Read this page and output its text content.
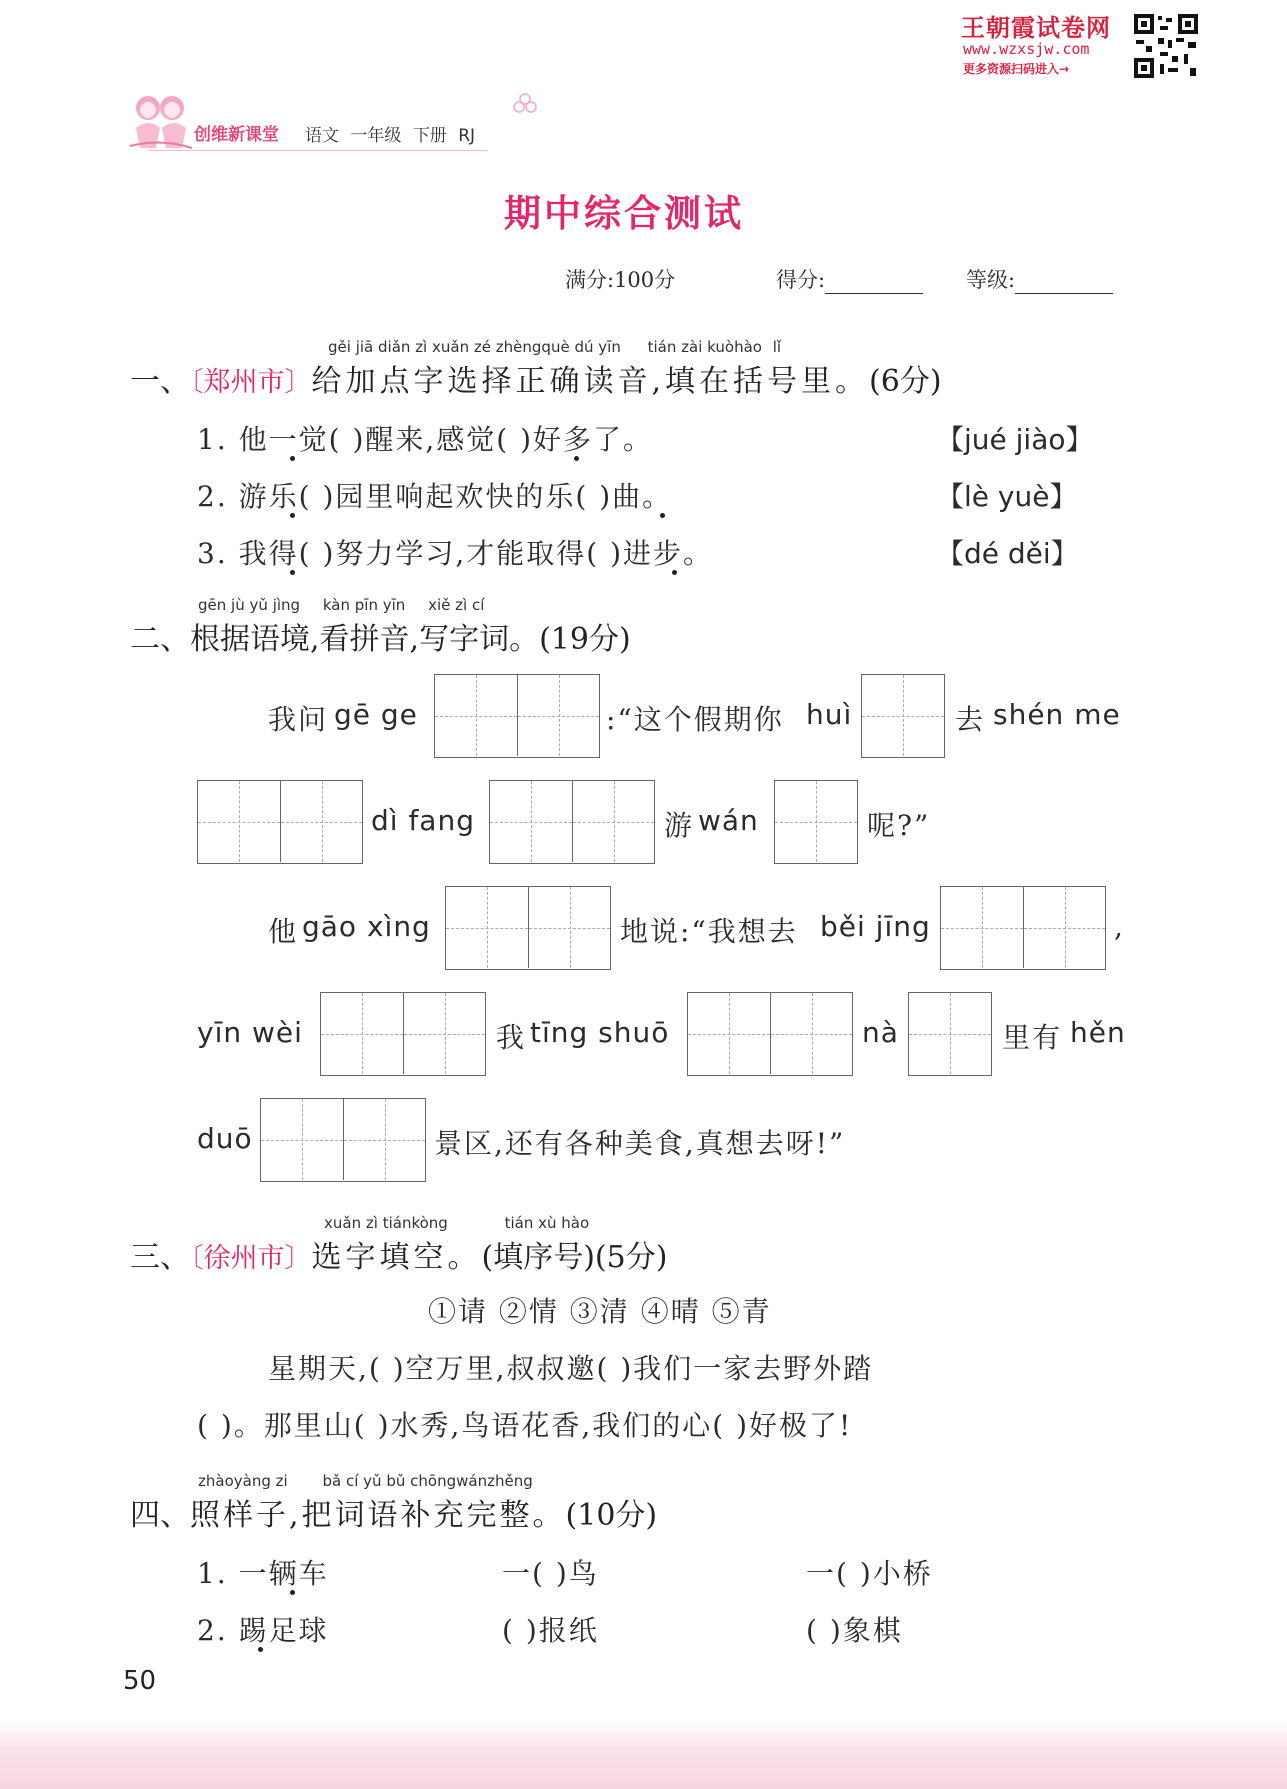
王朝霞试卷网
www.wzxsjw.com
更多资源扫码进入→
创维新课堂 语文 一年级 下册 RJ
期中综合测试
满分:100分	得分:	等级:
gěi jiā diǎn zì xuǎn zé zhèngquè dú yīn tián zài kuòhào lǐ
一、〔郑州市〕给加点字选择正确读音,填在括号里。(6分)
1. 他一觉( )醒来,感觉( )好多了。	【jué jiào】
2. 游乐( )园里响起欢快的乐( )曲。	【lè yuè】
3. 我得( )努力学习,才能取得( )进步。	【dé děi】
gēn jù yǔ jìng kàn pīn yīn xiě zì cí
二、根据语境,看拼音,写字词。(19分)
我问 gē ge	:“这个假期你 huì	去 shén me
dì fang	游 wán	呢?”
他 gāo xìng	地说:“我想去 běi jīng	,
yīn wèi	我 tīng shuō	nà	里有 hěn
duō	景区,还有各种美食,真想去呀!”
xuǎn zì tiánkòng	tián xù hào
三、〔徐州市〕选字填空。(填序号)(5分)
①请 ②情 ③清 ④晴 ⑤青
星期天,( )空万里,叔叔邀( )我们一家去野外踏
( )。那里山( )水秀,鸟语花香,我们的心( )好极了!
zhàoyàng zi bǎ cí yǔ bǔ chōngwánzhěng
四、照样子,把词语补充完整。(10分)
1. 一辆车	一( )鸟	一( )小桥
2. 踢足球	( )报纸	( )象棋
50
